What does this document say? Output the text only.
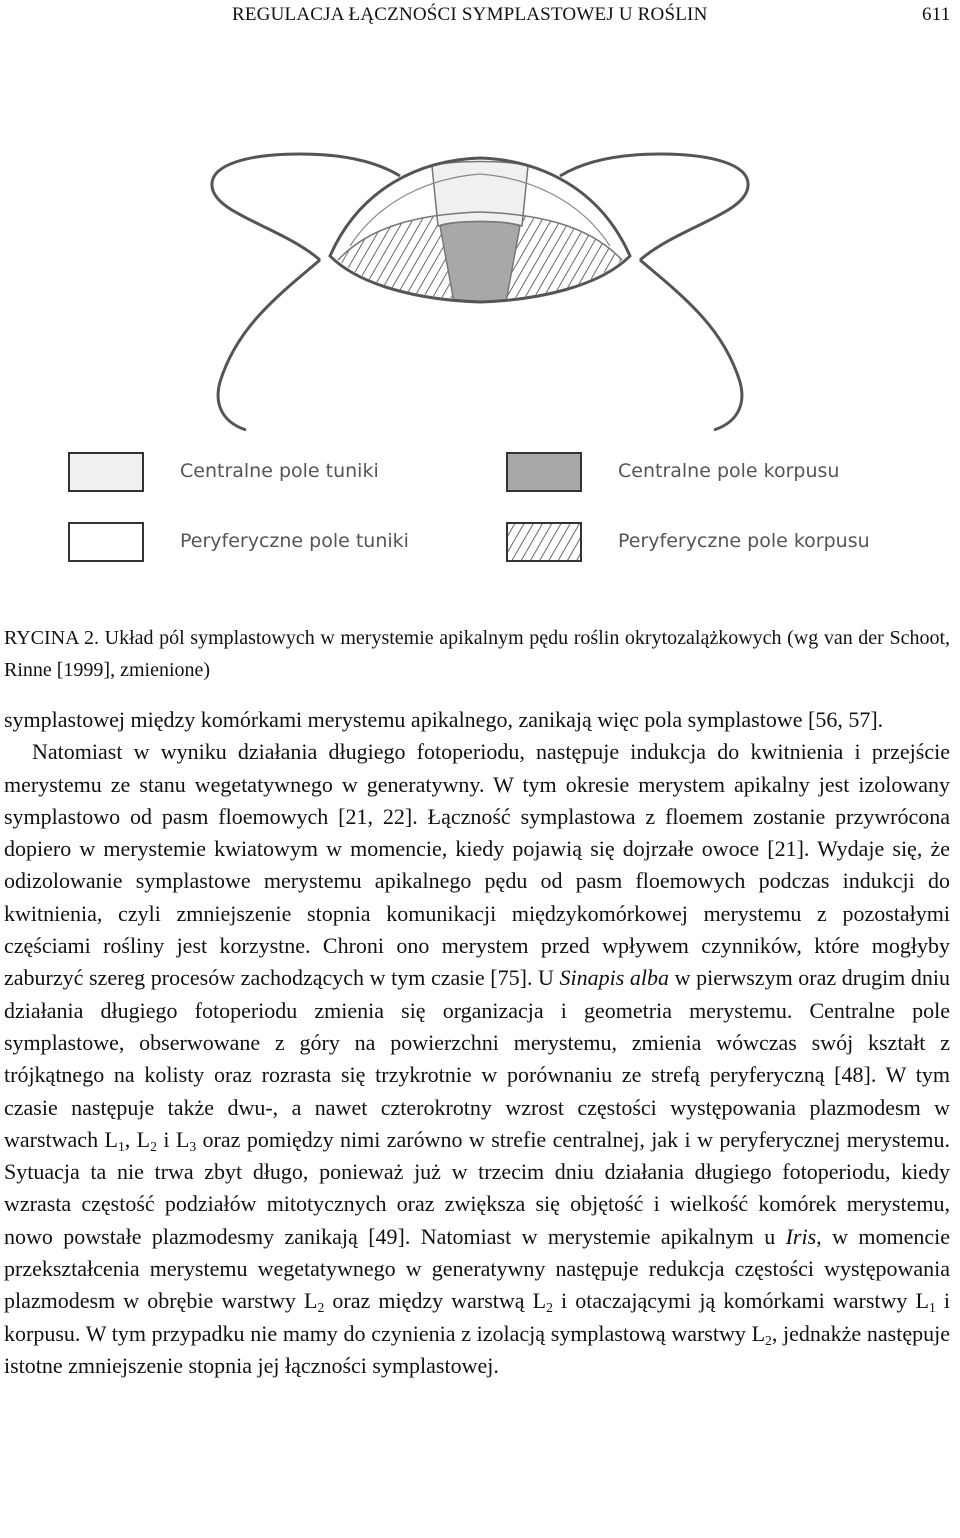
REGULACJA ŁĄCZNOŚCI SYMPLASTOWEJ U ROŚLIN	611
Centralne pole tuniki	Centralne pole korpusu
Peryferyczne pole tuniki	Peryferyczne pole korpusu
RYCINA 2. Układ pól symplastowych w merystemie apikalnym pędu roślin okrytozalążkowych (wg van der Schoot, Rinne [1999], zmienione)

symplastowej między komórkami merystemu apikalnego, zanikają więc pola symplastowe [56, 57].

Natomiast w wyniku działania długiego fotoperiodu, następuje indukcja do kwitnienia i przejście merystemu ze stanu wegetatywnego w generatywny. W tym okresie merystem apikalny jest izolowany symplastowo od pasm floemowych [21, 22]. Łączność symplastowa z floemem zostanie przywrócona dopiero w merystemie kwiatowym w momencie, kiedy pojawią się dojrzałe owoce [21]. Wydaje się, że odizolowanie symplastowe merystemu apikalnego pędu od pasm floemowych podczas indukcji do kwitnienia, czyli zmniejszenie stopnia komunikacji międzykomórkowej merystemu z pozostałymi częściami rośliny jest korzystne. Chroni ono merystem przed wpływem czynników, które mogłyby zaburzyć szereg procesów zachodzących w tym czasie [75]. U Sinapis alba w pierwszym oraz drugim dniu działania długiego fotoperiodu zmienia się organizacja i geometria merystemu. Centralne pole symplastowe, obserwowane z góry na powierzchni merystemu, zmienia wówczas swój kształt z trójkątnego na kolisty oraz rozrasta się trzykrotnie w porównaniu ze strefą peryferyczną [48]. W tym czasie następuje także dwu-, a nawet czterokrotny wzrost częstości występowania plazmodesm w warstwach $L_1$, $L_2$ i $L_3$ oraz pomiędzy nimi zarówno w strefie centralnej, jak i w peryferycznej merystemu. Sytuacja ta nie trwa zbyt długo, ponieważ już w trzecim dniu działania długiego fotoperiodu, kiedy wzrasta częstość podziałów mitotycznych oraz zwiększa się objętość i wielkość komórek merystemu, nowo powstałe plazmodesmy zanikają [49]. Natomiast w merystemie apikalnym u Iris, w momencie przekształcenia merystemu wegetatywnego w generatywny następuje redukcja częstości występowania plazmodesm w obrębie warstwy $L_2$ oraz między warstwą $L_2$ i otaczającymi ją komórkami warstwy $L_1$ i korpusu. W tym przypadku nie mamy do czynienia z izolacją symplastową warstwy $L_2$, jednakże następuje istotne zmniejszenie stopnia jej łączności symplastowej.
